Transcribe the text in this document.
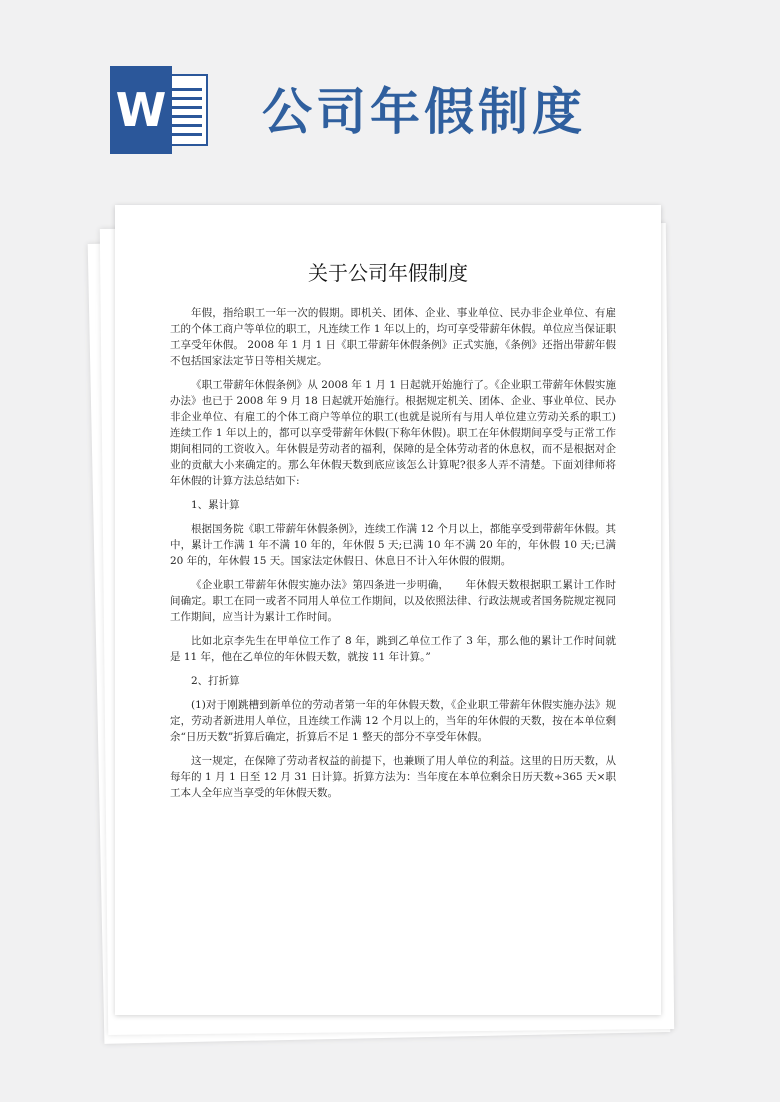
W 公司年假制度
关于公司年假制度

年假，指给职工一年一次的假期。即机关、团体、企业、事业单位、民办非企业单位、有雇工的个体工商户等单位的职工，凡连续工作 1 年以上的，均可享受带薪年休假。单位应当保证职工享受年休假。 2008 年 1 月 1 日《职工带薪年休假条例》正式实施，《条例》还指出带薪年假不包括国家法定节日等相关规定。

《职工带薪年休假条例》从 2008 年 1 月 1 日起就开始施行了。《企业职工带薪年休假实施办法》也已于 2008 年 9 月 18 日起就开始施行。根据规定机关、团体、企业、事业单位、民办非企业单位、有雇工的个体工商户等单位的职工(也就是说所有与用人单位建立劳动关系的职工)连续工作 1 年以上的，都可以享受带薪年休假(下称年休假)。职工在年休假期间享受与正常工作期间相同的工资收入。年休假是劳动者的福利，保障的是全体劳动者的休息权，而不是根据对企业的贡献大小来确定的。那么年休假天数到底应该怎么计算呢?很多人弄不清楚。下面刘律师将年休假的计算方法总结如下:

1、累计算

根据国务院《职工带薪年休假条例》，连续工作满 12 个月以上，都能享受到带薪年休假。其中，累计工作满 1 年不满 10 年的，年休假 5 天;已满 10 年不满 20 年的，年休假 10 天;已满 20 年的，年休假 15 天。国家法定休假日、休息日不计入年休假的假期。

《企业职工带薪年休假实施办法》第四条进一步明确，　　年休假天数根据职工累计工作时间确定。职工在同一或者不同用人单位工作期间，以及依照法律、行政法规或者国务院规定视同工作期间，应当计为累计工作时间。

比如北京李先生在甲单位工作了 8 年，跳到乙单位工作了 3 年，那么他的累计工作时间就是 11 年，他在乙单位的年休假天数，就按 11 年计算。”

2、打折算

(1)对于刚跳槽到新单位的劳动者第一年的年休假天数，《企业职工带薪年休假实施办法》规定，劳动者新进用人单位，且连续工作满 12 个月以上的，当年的年休假的天数，按在本单位剩余“日历天数”折算后确定，折算后不足 1 整天的部分不享受年休假。

这一规定，在保障了劳动者权益的前提下，也兼顾了用人单位的利益。这里的日历天数，从每年的 1 月 1 日至 12 月 31 日计算。折算方法为：当年度在本单位剩余日历天数÷365 天×职工本人全年应当享受的年休假天数。
